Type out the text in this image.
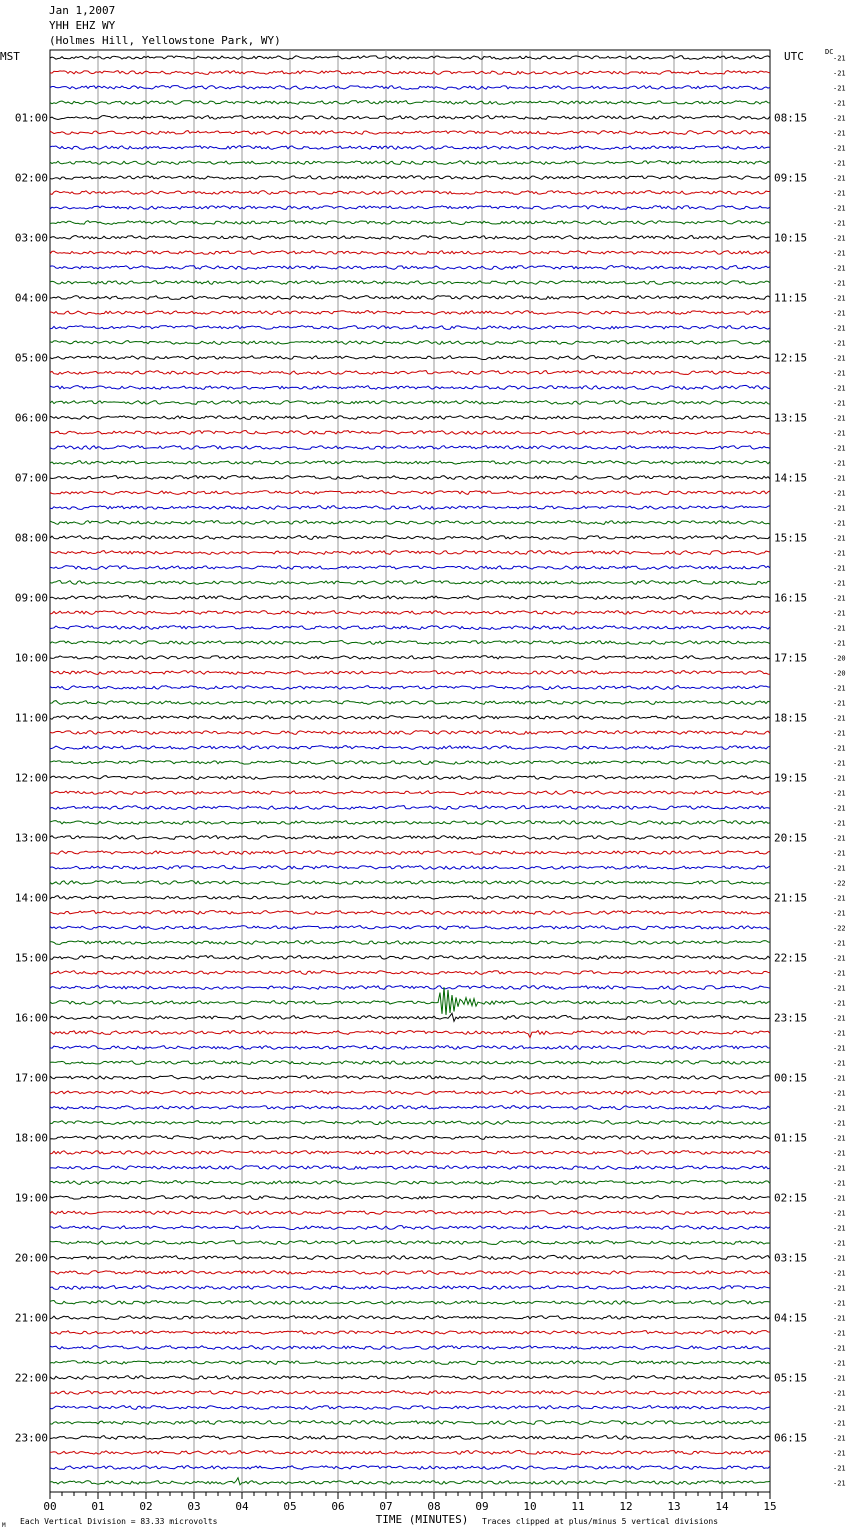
Jan 1,2007
YHH EHZ WY
(Holmes Hill, Yellowstone Park, WY)
MST	UTC	DC
00	01	02	03	04	05	06	07	08	09	10	11	12	13	14	15
TIME (MINUTES)
Each Vertical Division = 83.33 microvolts	Traces clipped at plus/minus 5 vertical divisions
M
-21
-21
-21
-21
-21
-21
-21
-21
-21
-21
-21
-21
-21
-21
-21
-21
-21
-21
-21
-21
-21
-21
-21
-21
-21
-21
-21
-21
-21
-21
-21
-21
-21
-21
-21
-21
-21
-21
-21
-21
-20
-20
-21
-21
-21
-21
-21
-21
-21
-21
-21
-21
-21
-21
-21
-22
-21
-21
-22
-21
-21
-21
-21
-21
-21
-21
-21
-21
-21
-21
-21
-21
-21
-21
-21
-21
-21
-21
-21
-21
-21
-21
-21
-21
-21
-21
-21
-21
-21
-21
-21
-21
-21
-21
-21
-21
01:00
02:00
03:00
04:00
05:00
06:00
07:00
08:00
09:00
10:00
11:00
12:00
13:00
14:00
15:00
16:00
17:00
18:00
19:00
20:00
21:00
22:00
23:00
08:15
09:15
10:15
11:15
12:15
13:15
14:15
15:15
16:15
17:15
18:15
19:15
20:15
21:15
22:15
23:15
00:15
01:15
02:15
03:15
04:15
05:15
06:15
